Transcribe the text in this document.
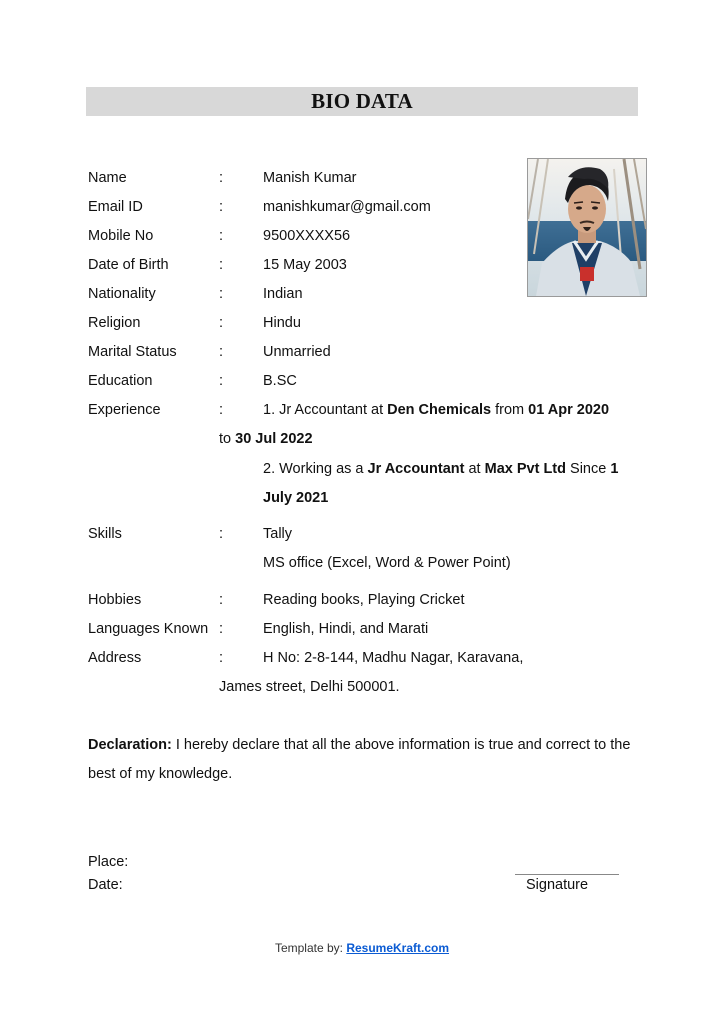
BIO DATA
Name	:	Manish Kumar
Email ID	:	manishkumar@gmail.com
Mobile No	:	9500XXXX56
Date of Birth	:	15 May 2003
Nationality	:	Indian
Religion	:	Hindu
Marital Status	:	Unmarried
Education	:	B.SC
Experience	:	1. Jr Accountant at Den Chemicals from 01 Apr 2020
to 30 Jul 2022
2. Working as a Jr Accountant at Max Pvt Ltd Since 1
July 2021
Skills	:	Tally
MS office (Excel, Word & Power Point)
Hobbies	:	Reading books, Playing Cricket
Languages Known :	English, Hindi, and Marati
Address	:	H No: 2-8-144, Madhu Nagar, Karavana,
James street, Delhi 500001.
Declaration: I hereby declare that all the above information is true and correct to the best of my knowledge.
Place:
Date:	Signature
Template by: ResumeKraft.com
